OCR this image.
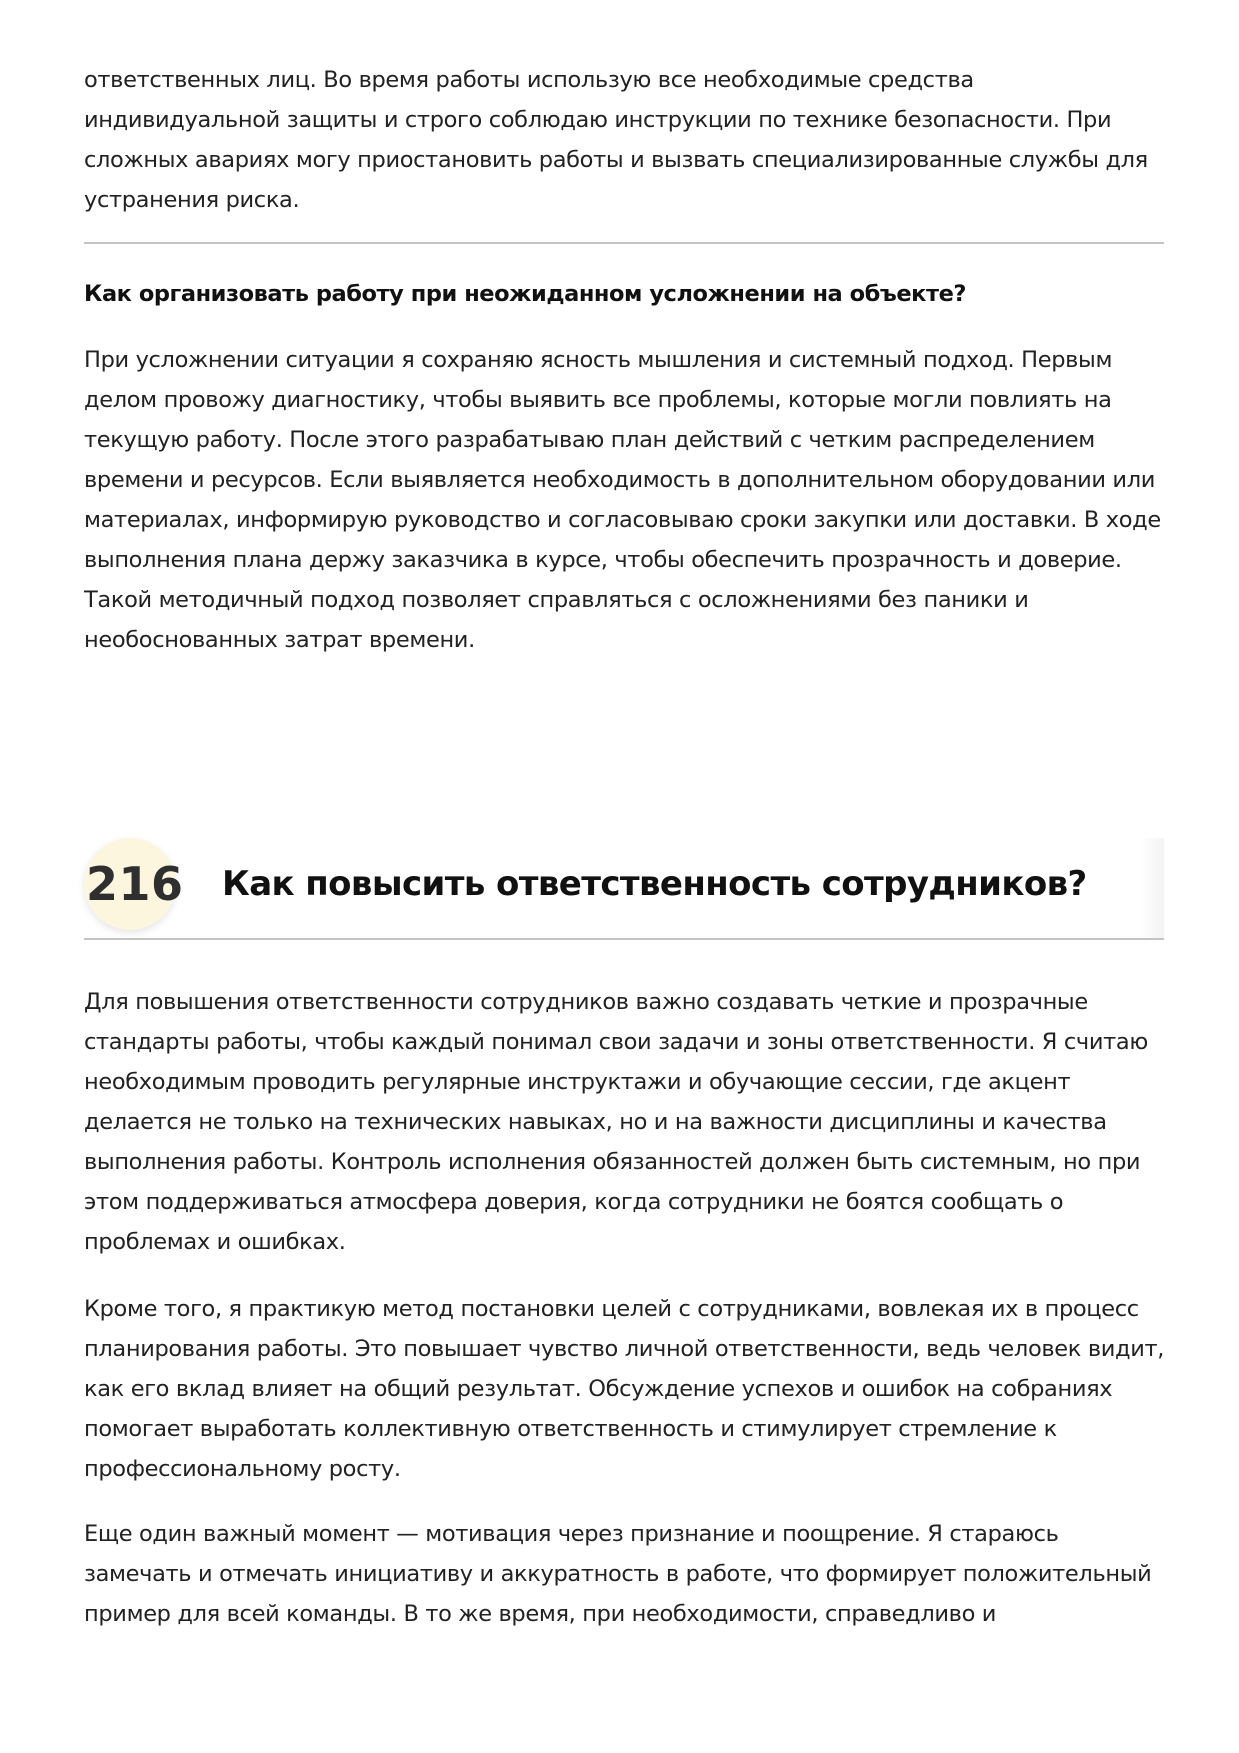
ответственных лиц. Во время работы использую все необходимые средства
индивидуальной защиты и строго соблюдаю инструкции по технике безопасности. При
сложных авариях могу приостановить работы и вызвать специализированные службы для
устранения риска.

Как организовать работу при неожиданном усложнении на объекте?

При усложнении ситуации я сохраняю ясность мышления и системный подход. Первым
делом провожу диагностику, чтобы выявить все проблемы, которые могли повлиять на
текущую работу. После этого разрабатываю план действий с четким распределением
времени и ресурсов. Если выявляется необходимость в дополнительном оборудовании или
материалах, информирую руководство и согласовываю сроки закупки или доставки. В ходе
выполнения плана держу заказчика в курсе, чтобы обеспечить прозрачность и доверие.
Такой методичный подход позволяет справляться с осложнениями без паники и
необоснованных затрат времени.

216 Как повысить ответственность сотрудников?

Для повышения ответственности сотрудников важно создавать четкие и прозрачные
стандарты работы, чтобы каждый понимал свои задачи и зоны ответственности. Я считаю
необходимым проводить регулярные инструктажи и обучающие сессии, где акцент
делается не только на технических навыках, но и на важности дисциплины и качества
выполнения работы. Контроль исполнения обязанностей должен быть системным, но при
этом поддерживаться атмосфера доверия, когда сотрудники не боятся сообщать о
проблемах и ошибках.

Кроме того, я практикую метод постановки целей с сотрудниками, вовлекая их в процесс
планирования работы. Это повышает чувство личной ответственности, ведь человек видит,
как его вклад влияет на общий результат. Обсуждение успехов и ошибок на собраниях
помогает выработать коллективную ответственность и стимулирует стремление к
профессиональному росту.

Еще один важный момент — мотивация через признание и поощрение. Я стараюсь
замечать и отмечать инициативу и аккуратность в работе, что формирует положительный
пример для всей команды. В то же время, при необходимости, справедливо и
